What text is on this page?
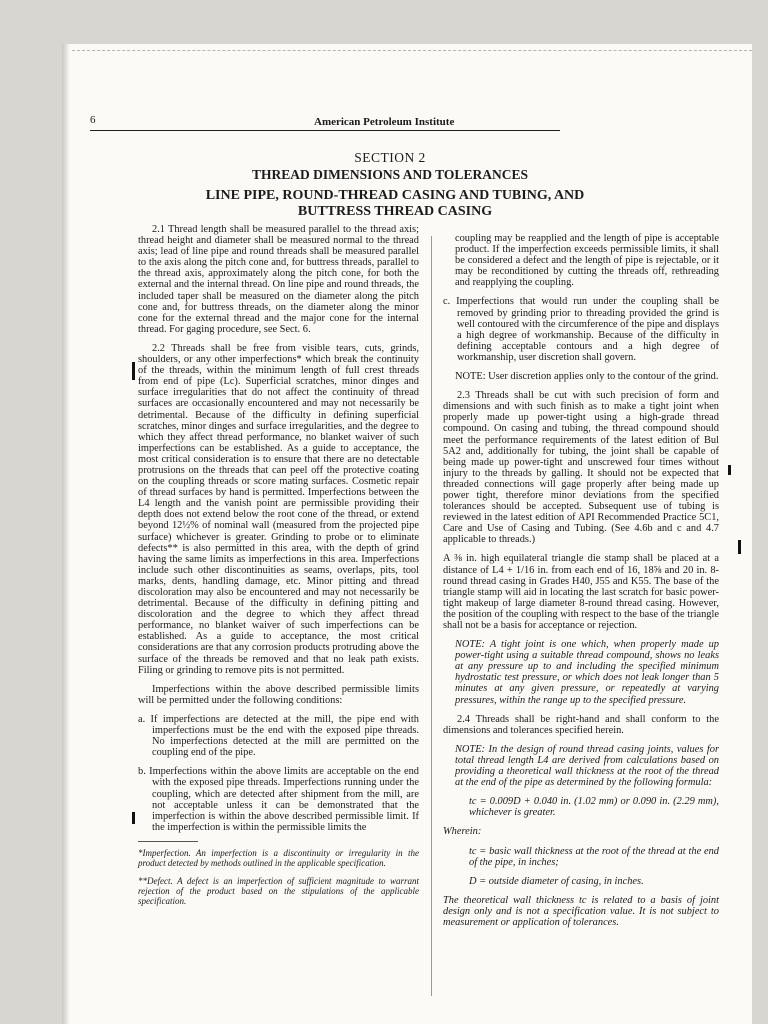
6	American Petroleum Institute
SECTION 2
THREAD DIMENSIONS AND TOLERANCES
LINE PIPE, ROUND-THREAD CASING AND TUBING, AND
BUTTRESS THREAD CASING

2.1 Thread length shall be measured parallel to the thread axis; thread height and diameter shall be measured normal to the thread axis; lead of line pipe and round threads shall be measured parallel to the axis along the pitch cone and, for buttress threads, parallel to the thread axis, approximately along the pitch cone, for both the external and the internal thread. On line pipe and round threads, the included taper shall be measured on the diameter along the pitch cone and, for buttress threads, on the diameter along the minor cone for the external thread and the major cone for the internal thread. For gaging procedure, see Sect. 6.

2.2 Threads shall be free from visible tears, cuts, grinds, shoulders, or any other imperfections* which break the continuity of the threads, within the minimum length of full crest threads from end of pipe (Lc). Superficial scratches, minor dinges and surface irregularities that do not affect the continuity of thread surfaces are occasionally encountered and may not necessarily be detrimental. Because of the difficulty in defining superficial scratches, minor dinges and surface irregularities, and the degree to which they affect thread performance, no blanket waiver of such imperfections can be established. As a guide to acceptance, the most critical consideration is to ensure that there are no detectable protrusions on the threads that can peel off the protective coating on the coupling threads or score mating surfaces. Cosmetic repair of thread surfaces by hand is permitted. Imperfections between the L4 length and the vanish point are permissible providing their depth does not extend below the root cone of the thread, or extend beyond 12½% of nominal wall (measured from the projected pipe surface) whichever is greater. Grinding to probe or to eliminate defects** is also permitted in this area, with the depth of grind having the same limits as imperfections in this area. Imperfections include such other discontinuities as seams, overlaps, pits, tool marks, dents, handling damage, etc. Minor pitting and thread discoloration may also be encountered and may not necessarily be detrimental. Because of the difficulty in defining pitting and discoloration and the degree to which they affect thread performance, no blanket waiver of such imperfections can be established. As a guide to acceptance, the most critical considerations are that any corrosion products protruding above the surface of the threads be removed and that no leak path exists. Filing or grinding to remove pits is not permitted.

Imperfections within the above described permissible limits will be permitted under the following conditions:

a. If imperfections are detected at the mill, the pipe end with imperfections must be the end with the exposed pipe threads. No imperfections detected at the mill are permitted on the coupling end of the pipe.

b. Imperfections within the above limits are acceptable on the end with the exposed pipe threads. Imperfections running under the coupling, which are detected after shipment from the mill, are not acceptable unless it can be demonstrated that the imperfection is within the above described permissible limit. If the imperfection is within the permissible limits the

*Imperfection. An imperfection is a discontinuity or irregularity in the product detected by methods outlined in the applicable specification.

**Defect. A defect is an imperfection of sufficient magnitude to warrant rejection of the product based on the stipulations of the applicable specification.

coupling may be reapplied and the length of pipe is acceptable product. If the imperfection exceeds permissible limits, it shall be considered a defect and the length of pipe is rejectable, or it may be reconditioned by cutting the threads off, rethreading and reapplying the coupling.

c. Imperfections that would run under the coupling shall be removed by grinding prior to threading provided the grind is well contoured with the circumference of the pipe and displays a high degree of workmanship. Because of the difficulty in defining acceptable contours and a high degree of workmanship, user discretion shall govern.

NOTE: User discretion applies only to the contour of the grind.

2.3 Threads shall be cut with such precision of form and dimensions and with such finish as to make a tight joint when properly made up power-tight using a high-grade thread compound. On casing and tubing, the thread compound should meet the performance requirements of the latest edition of Bul 5A2 and, additionally for tubing, the joint shall be capable of being made up power-tight and unscrewed four times without injury to the threads by galling. It should not be expected that threaded connections will gage properly after being made up power tight, therefore minor deviations from the specified tolerances should be accepted. Subsequent use of tubing is reviewed in the latest edition of API Recommended Practice 5C1, Care and Use of Casing and Tubing. (See 4.6b and c and 4.7 applicable to threads.)

A ⅜ in. high equilateral triangle die stamp shall be placed at a distance of L4 + 1/16 in. from each end of 16, 18⅝ and 20 in. 8-round thread casing in Grades H40, J55 and K55. The base of the triangle stamp will aid in locating the last scratch for basic power-tight makeup of large diameter 8-round thread casing. However, the position of the coupling with respect to the base of the triangle shall not be a basis for acceptance or rejection.

NOTE: A tight joint is one which, when properly made up power-tight using a suitable thread compound, shows no leaks at any pressure up to and including the specified minimum hydrostatic test pressure, or which does not leak longer than 5 minutes at any given pressure, or repeatedly at varying pressures, within the range up to the specified pressure.

2.4 Threads shall be right-hand and shall conform to the dimensions and tolerances specified herein.

NOTE: In the design of round thread casing joints, values for total thread length L4 are derived from calculations based on providing a theoretical wall thickness at the root of the thread at the end of the pipe as determined by the following formula:

tc = 0.009D + 0.040 in. (1.02 mm) or 0.090 in. (2.29 mm), whichever is greater.

Wherein:

tc = basic wall thickness at the root of the thread at the end of the pipe, in inches;

D = outside diameter of casing, in inches.

The theoretical wall thickness tc is related to a basis of joint design only and is not a specification value. It is not subject to measurement or application of tolerances.
